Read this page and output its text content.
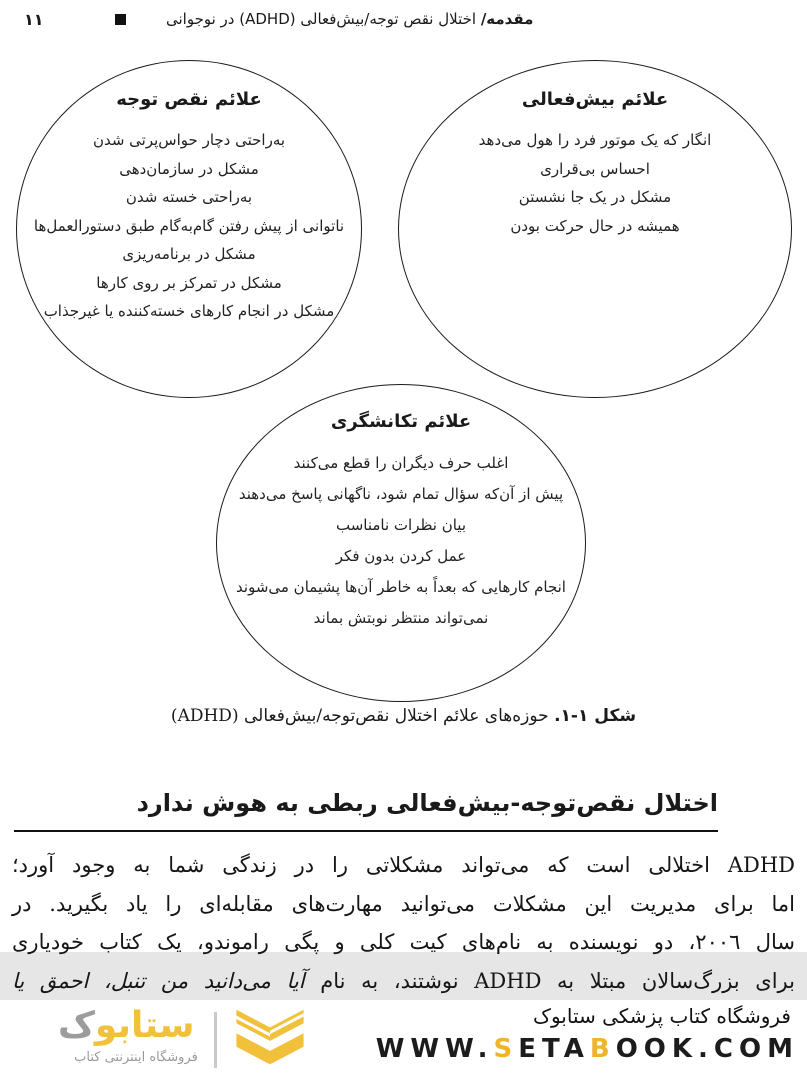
۱۱	مقدمه/ اختلال نقص توجه/بیش‌فعالی (ADHD) در نوجوانی
علائم نقص توجه
به‌راحتی دچار حواس‌پرتی شدن
مشکل در سازمان‌دهی
به‌راحتی خسته شدن
ناتوانی از پیش رفتن گام‌به‌گام طبق دستورالعمل‌ها
مشکل در برنامه‌ریزی
مشکل در تمرکز بر روی کارها
مشکل در انجام کارهای خسته‌کننده یا غیرجذاب
علائم بیش‌فعالی
انگار که یک موتور فرد را هول می‌دهد
احساس بی‌قراری
مشکل در یک جا نشستن
همیشه در حال حرکت بودن
علائم تکانشگری
اغلب حرف دیگران را قطع می‌کنند
پیش از آن‌که سؤال تمام شود، ناگهانی پاسخ می‌دهند
بیان نظرات نامناسب
عمل کردن بدون فکر
انجام کارهایی که بعداً به خاطر آن‌ها پشیمان می‌شوند
نمی‌تواند منتظر نوبتش بماند
شکل ۱-۱. حوزه‌های علائم اختلال نقص‌توجه/بیش‌فعالی (ADHD)
اختلال نقص‌توجه-بیش‌فعالی ربطی به هوش ندارد
ADHD اختلالی است که می‌تواند مشکلاتی را در زندگی شما به وجود آورد؛
اما برای مدیریت این مشکلات می‌توانید مهارت‌های مقابله‌ای را یاد بگیرید. در
سال ۲۰۰٦، دو نویسنده به نام‌های کیت کلی و پگی راموندو، یک کتاب خودیاری
برای بزرگ‌سالان مبتلا به ADHD نوشتند، به نام آیا می‌دانید من تنبل، احمق یا
ستابوک
فروشگاه اینترنتی کتاب
فروشگاه کتاب پزشکی ستابوک
WWW.SETABOOK.COM
